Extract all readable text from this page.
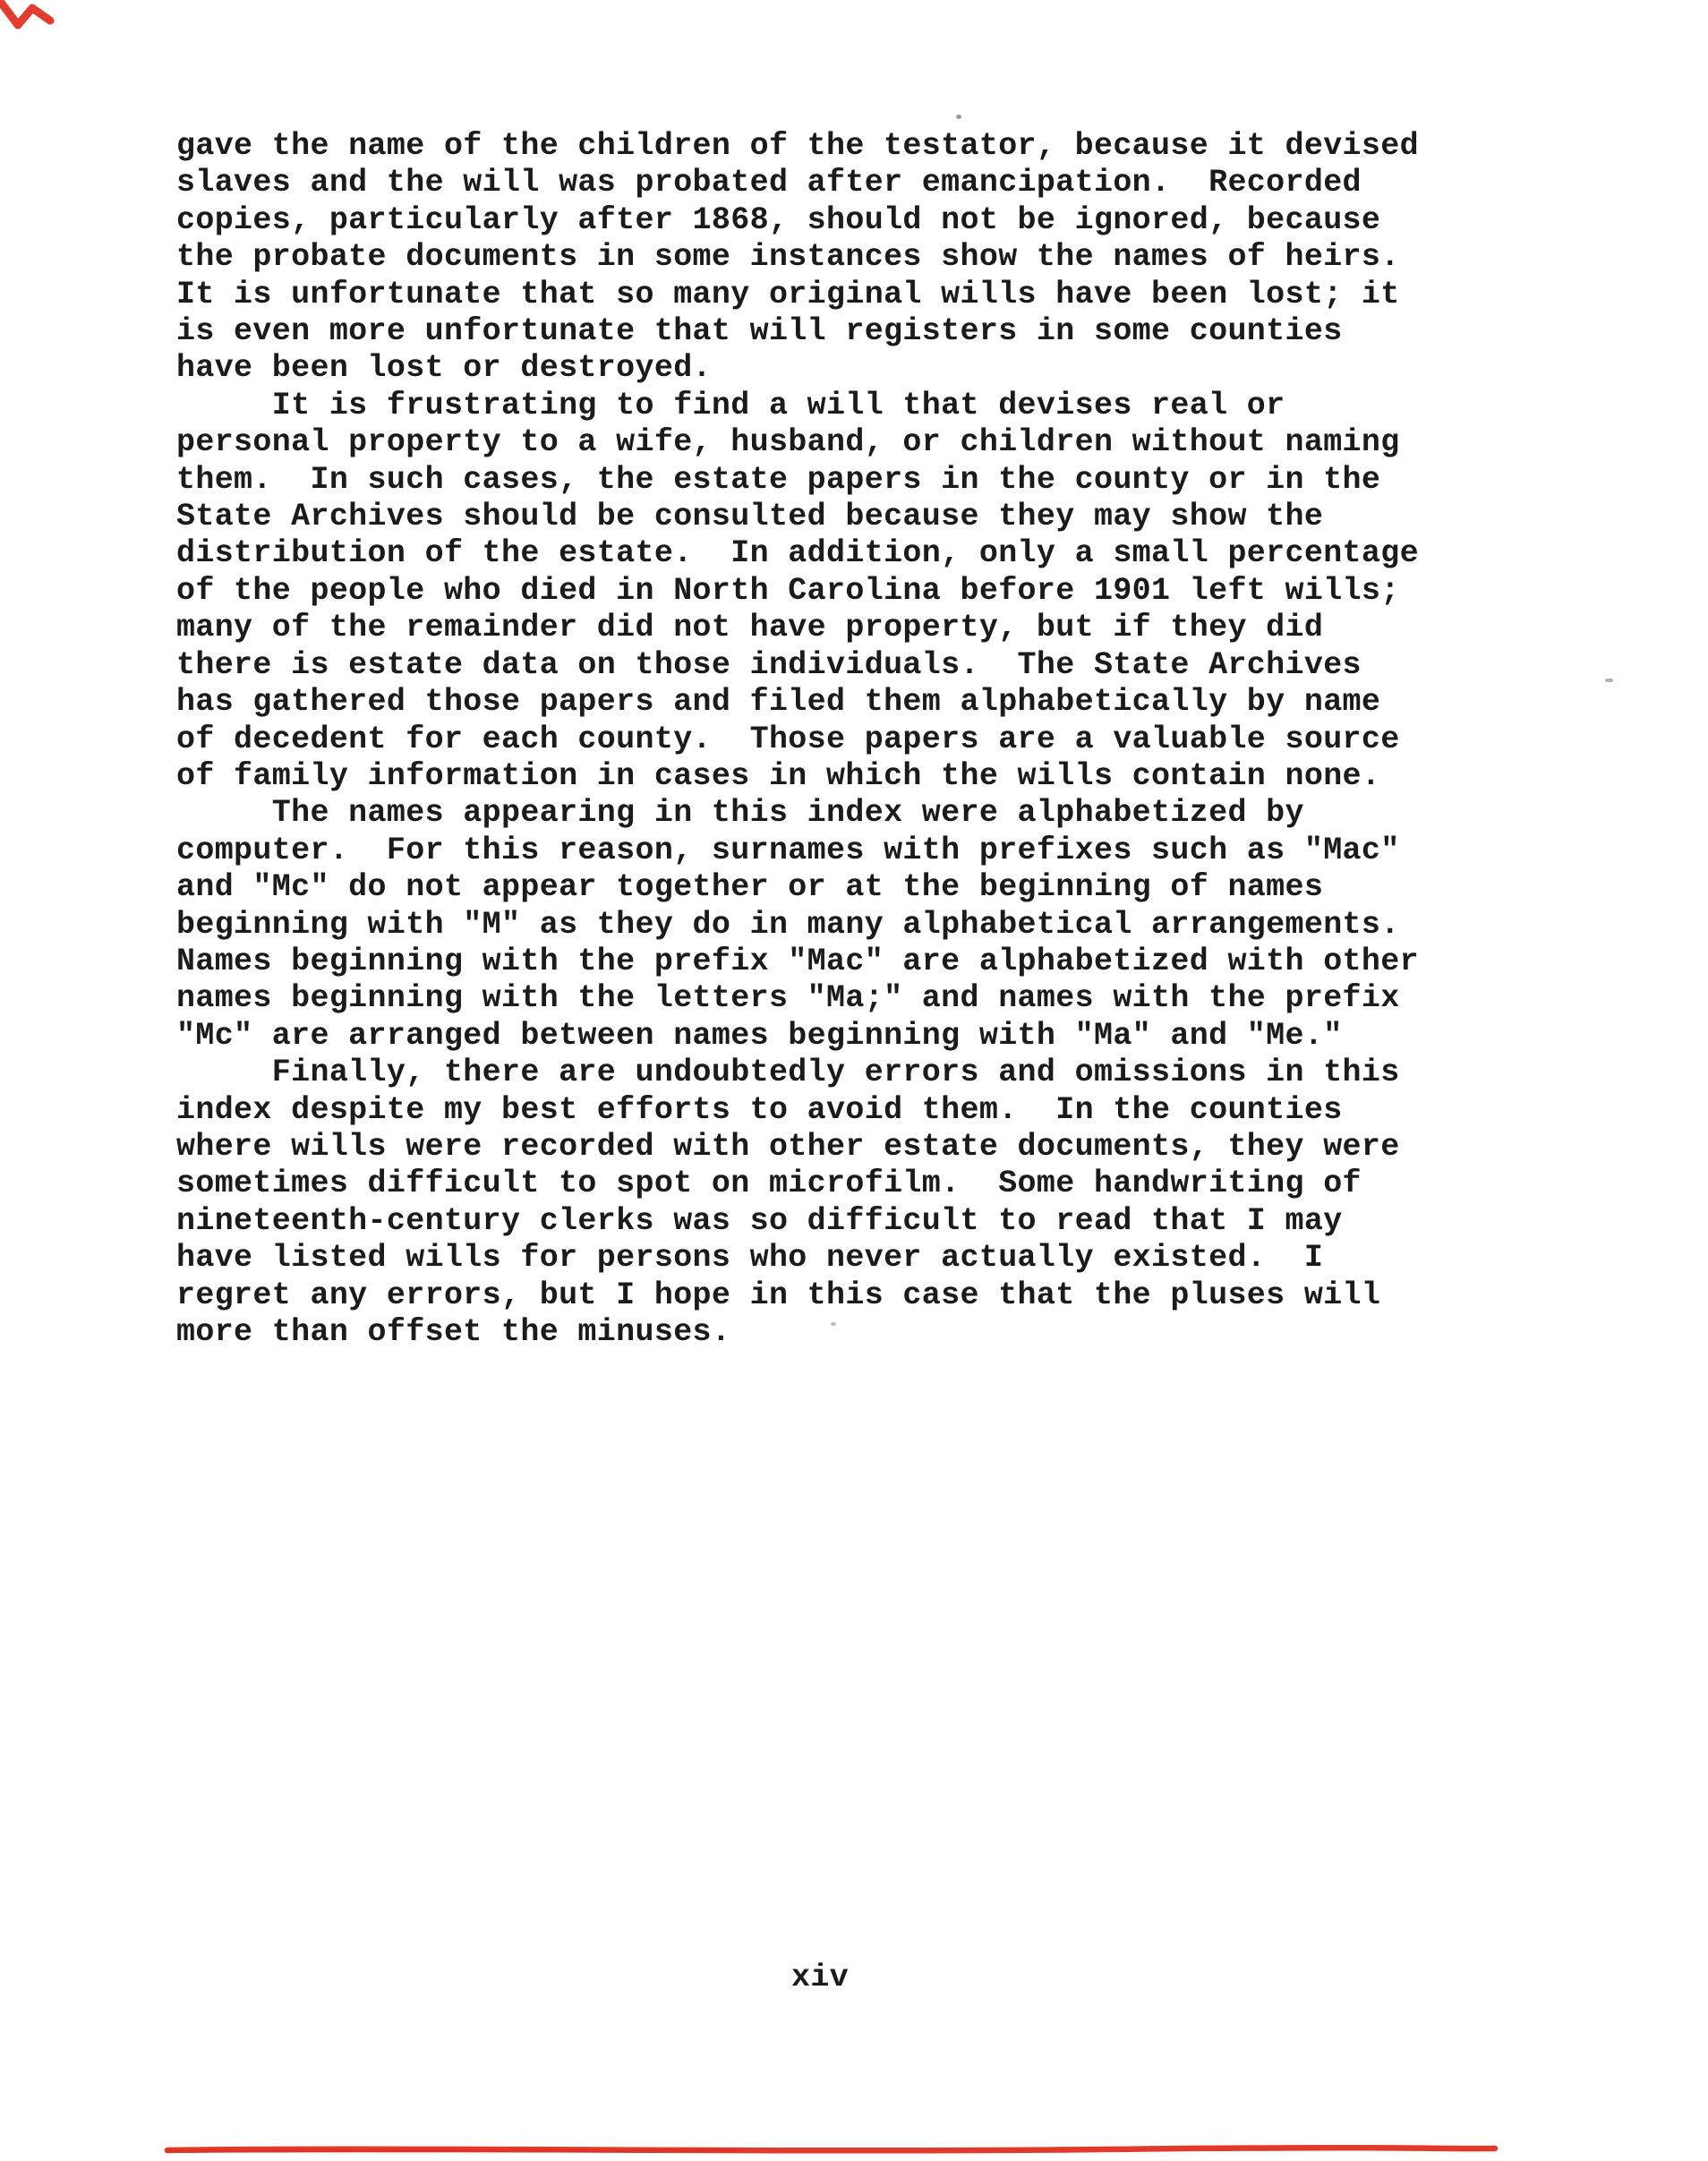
gave the name of the children of the testator, because it devised
slaves and the will was probated after emancipation.  Recorded
copies, particularly after 1868, should not be ignored, because
the probate documents in some instances show the names of heirs.
It is unfortunate that so many original wills have been lost; it
is even more unfortunate that will registers in some counties
have been lost or destroyed.
It is frustrating to find a will that devises real or
personal property to a wife, husband, or children without naming
them.  In such cases, the estate papers in the county or in the
State Archives should be consulted because they may show the
distribution of the estate.  In addition, only a small percentage
of the people who died in North Carolina before 1901 left wills;
many of the remainder did not have property, but if they did
there is estate data on those individuals.  The State Archives
has gathered those papers and filed them alphabetically by name
of decedent for each county.  Those papers are a valuable source
of family information in cases in which the wills contain none.
The names appearing in this index were alphabetized by
computer.  For this reason, surnames with prefixes such as "Mac"
and "Mc" do not appear together or at the beginning of names
beginning with "M" as they do in many alphabetical arrangements.
Names beginning with the prefix "Mac" are alphabetized with other
names beginning with the letters "Ma;" and names with the prefix
"Mc" are arranged between names beginning with "Ma" and "Me."
Finally, there are undoubtedly errors and omissions in this
index despite my best efforts to avoid them.  In the counties
where wills were recorded with other estate documents, they were
sometimes difficult to spot on microfilm.  Some handwriting of
nineteenth-century clerks was so difficult to read that I may
have listed wills for persons who never actually existed.  I
regret any errors, but I hope in this case that the pluses will
more than offset the minuses.
xiv
